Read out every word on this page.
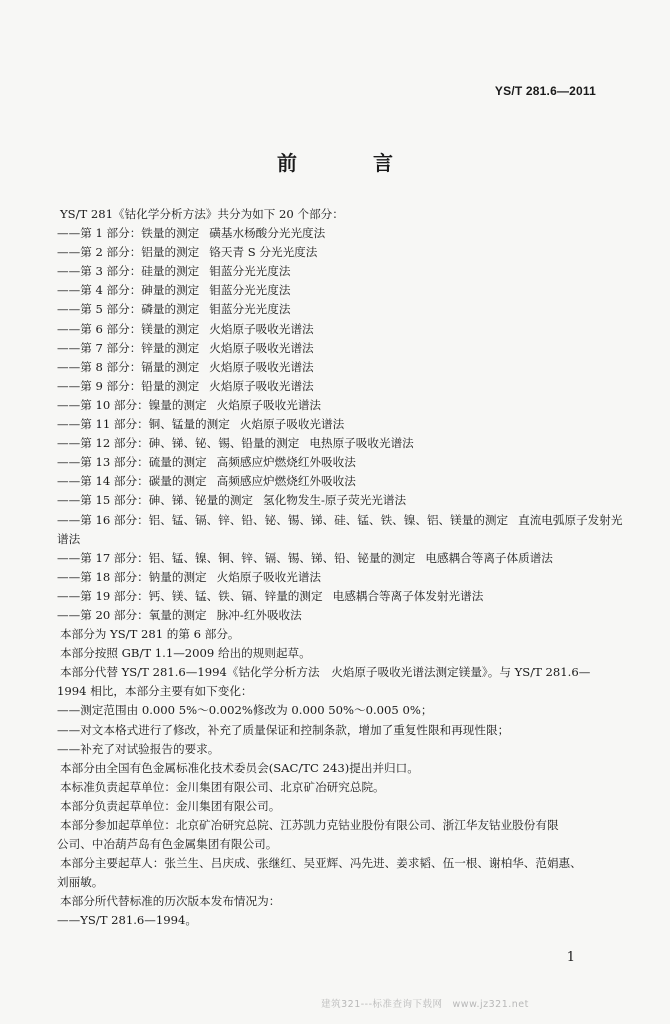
YS/T 281.6—2011
前　言
YS/T 281《钴化学分析方法》共分为如下 20 个部分：
——第 1 部分：铁量的测定 磺基水杨酸分光光度法
——第 2 部分：铝量的测定 铬天青 S 分光光度法
——第 3 部分：硅量的测定 钼蓝分光光度法
——第 4 部分：砷量的测定 钼蓝分光光度法
——第 5 部分：磷量的测定 钼蓝分光光度法
——第 6 部分：镁量的测定 火焰原子吸收光谱法
——第 7 部分：锌量的测定 火焰原子吸收光谱法
——第 8 部分：镉量的测定 火焰原子吸收光谱法
——第 9 部分：铅量的测定 火焰原子吸收光谱法
——第 10 部分：镍量的测定 火焰原子吸收光谱法
——第 11 部分：铜、锰量的测定 火焰原子吸收光谱法
——第 12 部分：砷、锑、铋、锡、铅量的测定 电热原子吸收光谱法
——第 13 部分：硫量的测定 高频感应炉燃烧红外吸收法
——第 14 部分：碳量的测定 高频感应炉燃烧红外吸收法
——第 15 部分：砷、锑、铋量的测定 氢化物发生-原子荧光光谱法
——第 16 部分：铝、锰、镉、锌、铅、铋、锡、锑、硅、锰、铁、镍、铝、镁量的测定 直流电弧原子发射光
谱法
——第 17 部分：铝、锰、镍、铜、锌、镉、锡、锑、铅、铋量的测定 电感耦合等离子体质谱法
——第 18 部分：钠量的测定 火焰原子吸收光谱法
——第 19 部分：钙、镁、锰、铁、镉、锌量的测定 电感耦合等离子体发射光谱法
——第 20 部分：氧量的测定 脉冲-红外吸收法
本部分为 YS/T 281 的第 6 部分。
本部分按照 GB/T 1.1—2009 给出的规则起草。
本部分代替 YS/T 281.6—1994《钴化学分析方法　火焰原子吸收光谱法测定镁量》。与 YS/T 281.6—
1994 相比，本部分主要有如下变化：
——测定范围由 0.000 5%～0.002%修改为 0.000 50%～0.005 0%；
——对文本格式进行了修改，补充了质量保证和控制条款，增加了重复性限和再现性限；
——补充了对试验报告的要求。
本部分由全国有色金属标准化技术委员会(SAC/TC 243)提出并归口。
本标准负责起草单位：金川集团有限公司、北京矿冶研究总院。
本部分负责起草单位：金川集团有限公司。
本部分参加起草单位：北京矿冶研究总院、江苏凯力克钴业股份有限公司、浙江华友钴业股份有限
公司、中冶葫芦岛有色金属集团有限公司。
本部分主要起草人：张兰生、吕庆成、张继红、吴亚辉、冯先进、姜求韬、伍一根、谢柏华、范娟惠、
刘丽敏。
本部分所代替标准的历次版本发布情况为：
——YS/T 281.6—1994。
1
建筑321---标准查询下载网　www.jz321.net
